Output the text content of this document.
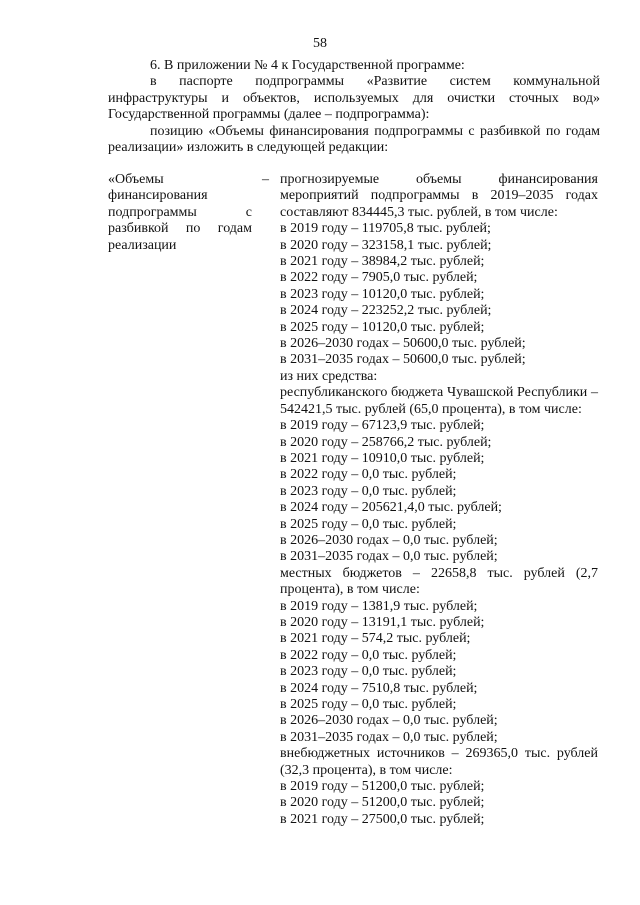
58

6. В приложении № 4 к Государственной программе:

в паспорте подпрограммы «Развитие систем коммунальной инфраструктуры и объектов, используемых для очистки сточных вод» Государственной программы (далее – подпрограмма):

позицию «Объемы финансирования подпрограммы с разбивкой по годам реализации» изложить в следующей редакции:

«Объемы финансирования подпрограммы с разбивкой по годам реализации
– прогнозируемые объемы финансирования мероприятий подпрограммы в 2019–2035 годах составляют 834445,3 тыс. рублей, в том числе:
в 2019 году – 119705,8 тыс. рублей;
в 2020 году – 323158,1 тыс. рублей;
в 2021 году – 38984,2 тыс. рублей;
в 2022 году – 7905,0 тыс. рублей;
в 2023 году – 10120,0 тыс. рублей;
в 2024 году – 223252,2 тыс. рублей;
в 2025 году – 10120,0 тыс. рублей;
в 2026–2030 годах – 50600,0 тыс. рублей;
в 2031–2035 годах – 50600,0 тыс. рублей;
из них средства:
республиканского бюджета Чувашской Республики – 542421,5 тыс. рублей (65,0 процента), в том числе:
в 2019 году – 67123,9 тыс. рублей;
в 2020 году – 258766,2 тыс. рублей;
в 2021 году – 10910,0 тыс. рублей;
в 2022 году – 0,0 тыс. рублей;
в 2023 году – 0,0 тыс. рублей;
в 2024 году – 205621,4,0 тыс. рублей;
в 2025 году – 0,0 тыс. рублей;
в 2026–2030 годах – 0,0 тыс. рублей;
в 2031–2035 годах – 0,0 тыс. рублей;
местных бюджетов – 22658,8 тыс. рублей (2,7 процента), в том числе:
в 2019 году – 1381,9 тыс. рублей;
в 2020 году – 13191,1 тыс. рублей;
в 2021 году – 574,2 тыс. рублей;
в 2022 году – 0,0 тыс. рублей;
в 2023 году – 0,0 тыс. рублей;
в 2024 году – 7510,8 тыс. рублей;
в 2025 году – 0,0 тыс. рублей;
в 2026–2030 годах – 0,0 тыс. рублей;
в 2031–2035 годах – 0,0 тыс. рублей;
внебюджетных источников – 269365,0 тыс. рублей (32,3 процента), в том числе:
в 2019 году – 51200,0 тыс. рублей;
в 2020 году – 51200,0 тыс. рублей;
в 2021 году – 27500,0 тыс. рублей;
